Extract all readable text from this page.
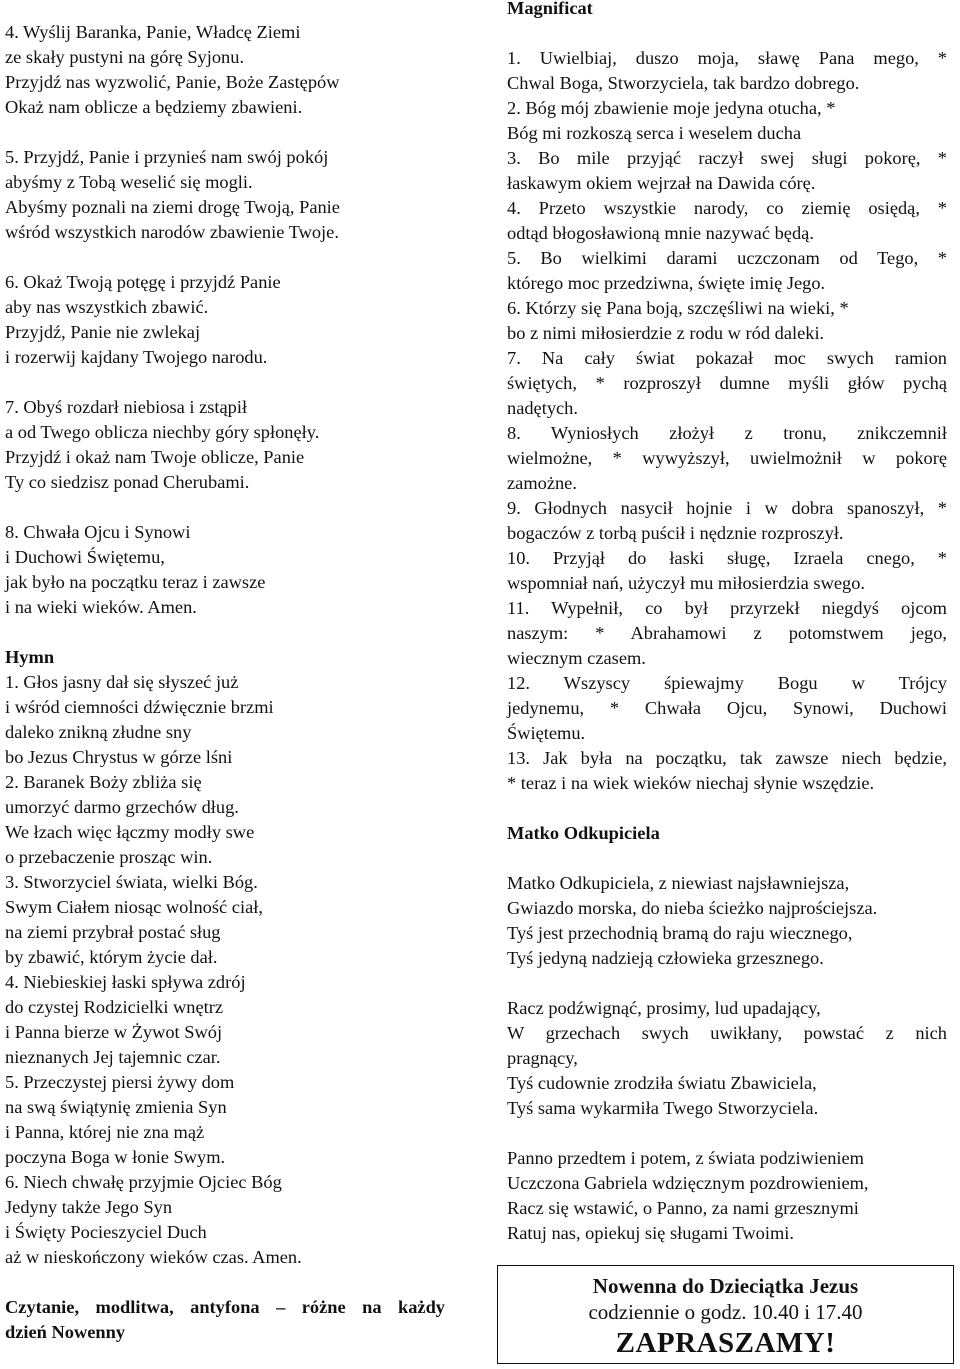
4. Wyślij Baranka, Panie, Władcę Ziemi
ze skały pustyni na górę Syjonu.
Przyjdź nas wyzwolić, Panie, Boże Zastępów
Okaż nam oblicze a będziemy zbawieni.
5. Przyjdź, Panie i przynieś nam swój pokój
abyśmy z Tobą weselić się mogli.
Abyśmy poznali na ziemi drogę Twoją, Panie
wśród wszystkich narodów zbawienie Twoje.
6. Okaż Twoją potęgę i przyjdź Panie
aby nas wszystkich zbawić.
Przyjdź, Panie nie zwlekaj
i rozerwij kajdany Twojego narodu.
7. Obyś rozdarł niebiosa i zstąpił
a od Twego oblicza niechby góry spłonęły.
Przyjdź i okaż nam Twoje oblicze, Panie
Ty co siedzisz ponad Cherubami.
8. Chwała Ojcu i Synowi
i Duchowi Świętemu,
jak było na początku teraz i zawsze
i na wieki wieków. Amen.
Hymn
1. Głos jasny dał się słyszeć już
i wśród ciemności dźwięcznie brzmi
daleko znikną złudne sny
bo Jezus Chrystus w górze lśni
2. Baranek Boży zbliża się
umorzyć darmo grzechów dług.
We łzach więc łączmy modły swe
o przebaczenie prosząc win.
3. Stworzyciel świata, wielki Bóg.
Swym Ciałem niosąc wolność ciał,
na ziemi przybrał postać sług
by zbawić, którym życie dał.
4. Niebieskiej łaski spływa zdrój
do czystej Rodzicielki wnętrz
i Panna bierze w Żywot Swój
nieznanych Jej tajemnic czar.
5. Przeczystej piersi żywy dom
na swą świątynię zmienia Syn
i Panna, której nie zna mąż
poczyna Boga w łonie Swym.
6. Niech chwałę przyjmie Ojciec Bóg
Jedyny także Jego Syn
i Święty Pocieszyciel Duch
aż w nieskończony wieków czas. Amen.
Czytanie, modlitwa, antyfona – różne na każdy
dzień Nowenny
Magnificat
1. Uwielbiaj, duszo moja, sławę Pana mego, *
Chwal Boga, Stworzyciela, tak bardzo dobrego.
2. Bóg mój zbawienie moje jedyna otucha, *
Bóg mi rozkoszą serca i weselem ducha
3. Bo mile przyjąć raczył swej sługi pokorę, *
łaskawym okiem wejrzał na Dawida córę.
4. Przeto wszystkie narody, co ziemię osiędą, *
odtąd błogosławioną mnie nazywać będą.
5. Bo wielkimi darami uczczonam od Tego, *
którego moc przedziwna, święte imię Jego.
6. Którzy się Pana boją, szczęśliwi na wieki, *
bo z nimi miłosierdzie z rodu w ród daleki.
7. Na cały świat pokazał moc swych ramion
świętych, * rozproszył dumne myśli głów pychą
nadętych.
8. Wyniosłych złożył z tronu, znikczemnił
wielmożne, * wywyższył, uwielmożnił w pokorę
zamożne.
9. Głodnych nasycił hojnie i w dobra spanoszył, *
bogaczów z torbą puścił i nędznie rozproszył.
10. Przyjął do łaski sługę, Izraela cnego, *
wspomniał nań, użyczył mu miłosierdzia swego.
11. Wypełnił, co był przyrzekł niegdyś ojcom
naszym: * Abrahamowi z potomstwem jego,
wiecznym czasem.
12. Wszyscy śpiewajmy Bogu w Trójcy
jedynemu, * Chwała Ojcu, Synowi, Duchowi
Świętemu.
13. Jak była na początku, tak zawsze niech będzie,
* teraz i na wiek wieków niechaj słynie wszędzie.
Matko Odkupiciela
Matko Odkupiciela, z niewiast najsławniejsza,
Gwiazdo morska, do nieba ścieżko najprościejsza.
Tyś jest przechodnią bramą do raju wiecznego,
Tyś jedyną nadzieją człowieka grzesznego.
Racz podźwignąć, prosimy, lud upadający,
W grzechach swych uwikłany, powstać z nich
pragnący,
Tyś cudownie zrodziła światu Zbawiciela,
Tyś sama wykarmiła Twego Stworzyciela.
Panno przedtem i potem, z świata podziwieniem
Uczczona Gabriela wdzięcznym pozdrowieniem,
Racz się wstawić, o Panno, za nami grzesznymi
Ratuj nas, opiekuj się sługami Twoimi.
Nowenna do Dzieciątka Jezus
codziennie o godz. 10.40 i 17.40
ZAPRASZAMY!
